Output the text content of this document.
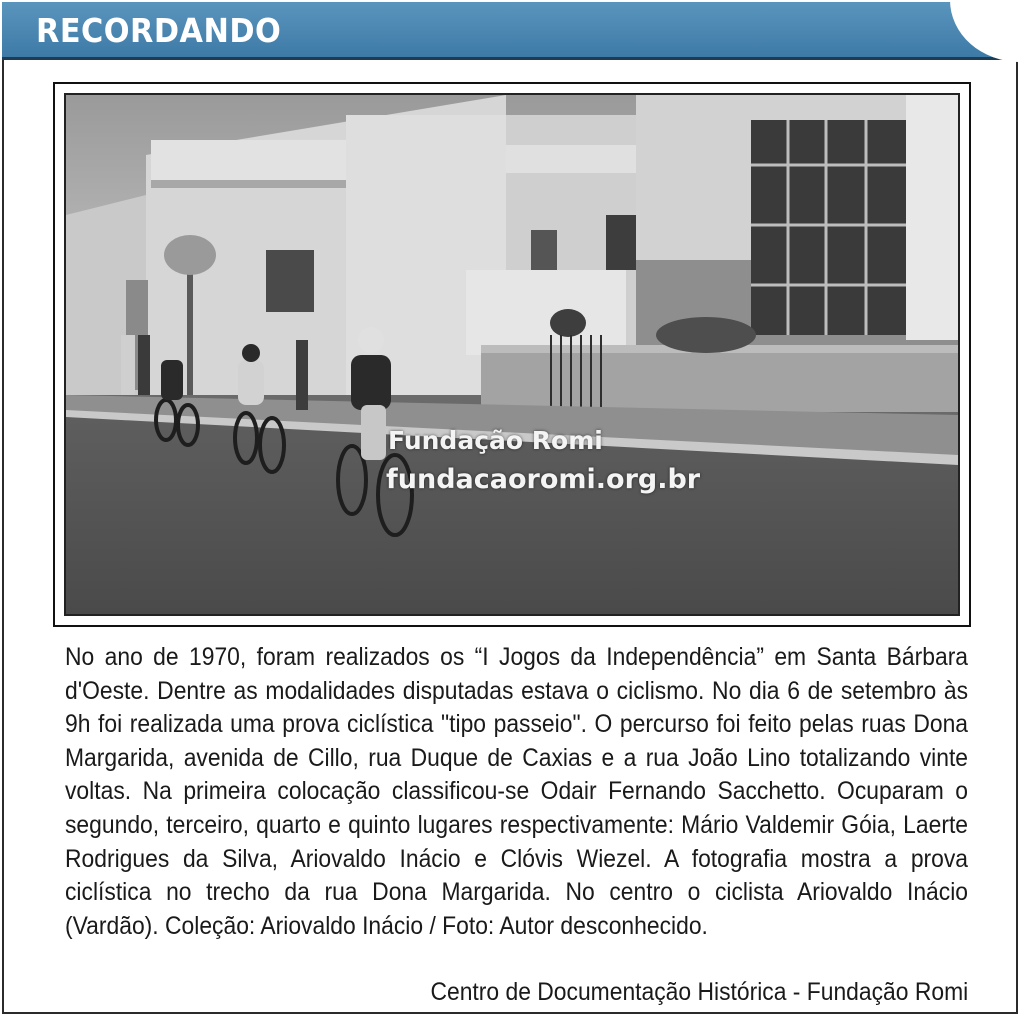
RECORDANDO
Fundação Romi
fundacaoromi.org.br
No ano de 1970, foram realizados os “I Jogos da Independência” em Santa Bárbara d'Oeste. Dentre as modalidades disputadas estava o ciclismo. No dia 6 de setembro às 9h foi realizada uma prova ciclística "tipo passeio". O percurso foi feito pelas ruas Dona Margarida, avenida de Cillo, rua Duque de Caxias e a rua João Lino totalizando vinte voltas. Na primeira colocação classificou-se Odair Fernando Sacchetto. Ocuparam o segundo, terceiro, quarto e quinto lugares respectivamente: Mário Valdemir Góia, Laerte Rodrigues da Silva, Ariovaldo Inácio e Clóvis Wiezel. A fotografia mostra a prova ciclística no trecho da rua Dona Margarida. No centro o ciclista Ariovaldo Inácio (Vardão). Coleção: Ariovaldo Inácio / Foto: Autor desconhecido.
Centro de Documentação Histórica - Fundação Romi
